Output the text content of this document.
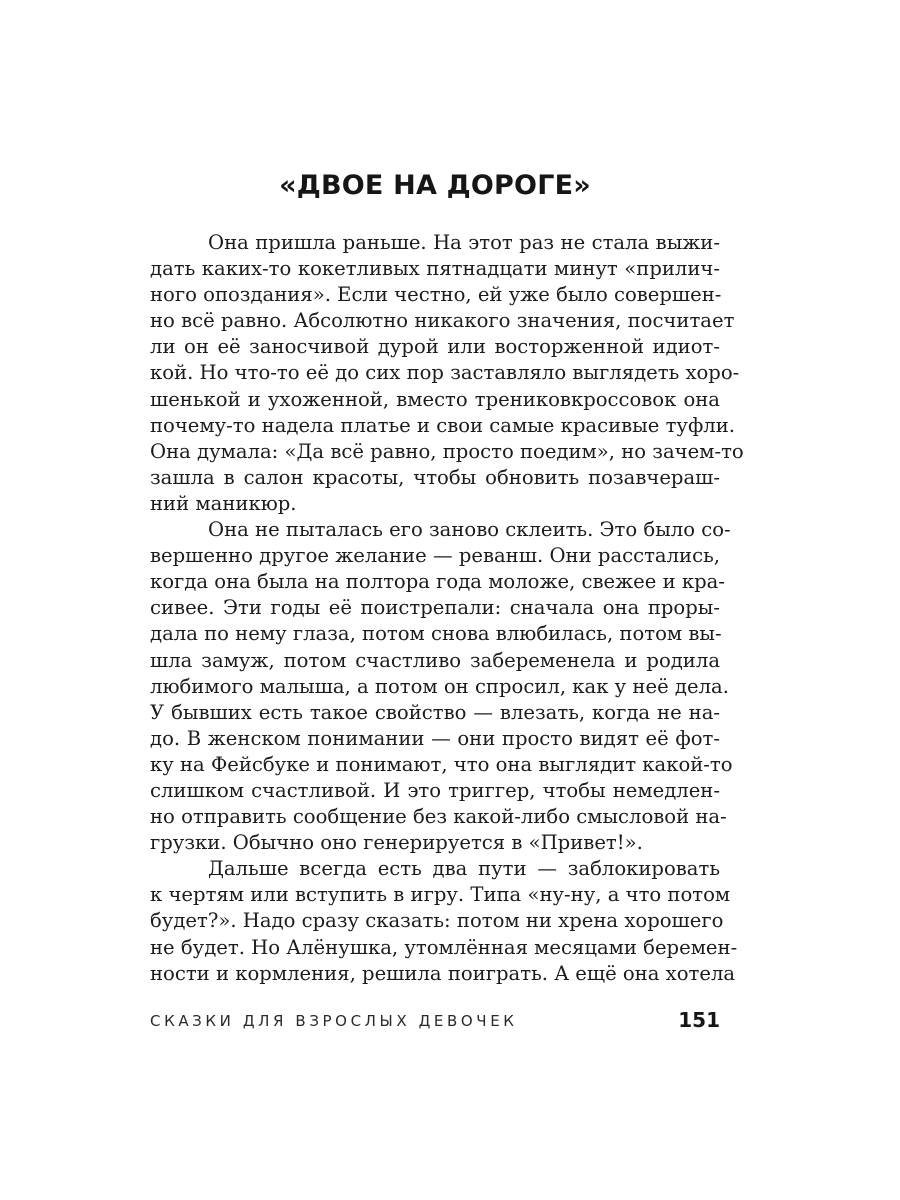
«ДВОЕ НА ДОРОГЕ»
Она пришла раньше. На этот раз не стала выжи-
дать каких-то кокетливых пятнадцати минут «прилич-
ного опоздания». Если честно, ей уже было совершен-
но всё равно. Абсолютно никакого значения, посчитает
ли он её заносчивой дурой или восторженной идиот-
кой. Но что-то её до сих пор заставляло выглядеть хоро-
шенькой и ухоженной, вместо трениковкроссовок она
почему-то надела платье и свои самые красивые туфли.
Она думала: «Да всё равно, просто поедим», но зачем-то
зашла в салон красоты, чтобы обновить позавчераш-
ний маникюр.
Она не пыталась его заново склеить. Это было со-
вершенно другое желание — реванш. Они расстались,
когда она была на полтора года моложе, свежее и кра-
сивее. Эти годы её поистрепали: сначала она проры-
дала по нему глаза, потом снова влюбилась, потом вы-
шла замуж, потом счастливо забеременела и родила
любимого малыша, а потом он спросил, как у неё дела.
У бывших есть такое свойство — влезать, когда не на-
до. В женском понимании — они просто видят её фот-
ку на Фейсбуке и понимают, что она выглядит какой-то
слишком счастливой. И это триггер, чтобы немедлен-
но отправить сообщение без какой-либо смысловой на-
грузки. Обычно оно генерируется в «Привет!».
Дальше всегда есть два пути — заблокировать
к чертям или вступить в игру. Типа «ну-ну, а что потом
будет?». Надо сразу сказать: потом ни хрена хорошего
не будет. Но Алёнушка, утомлённая месяцами беремен-
ности и кормления, решила поиграть. А ещё она хотела
СКАЗКИ ДЛЯ ВЗРОСЛЫХ ДЕВОЧЕК	151
